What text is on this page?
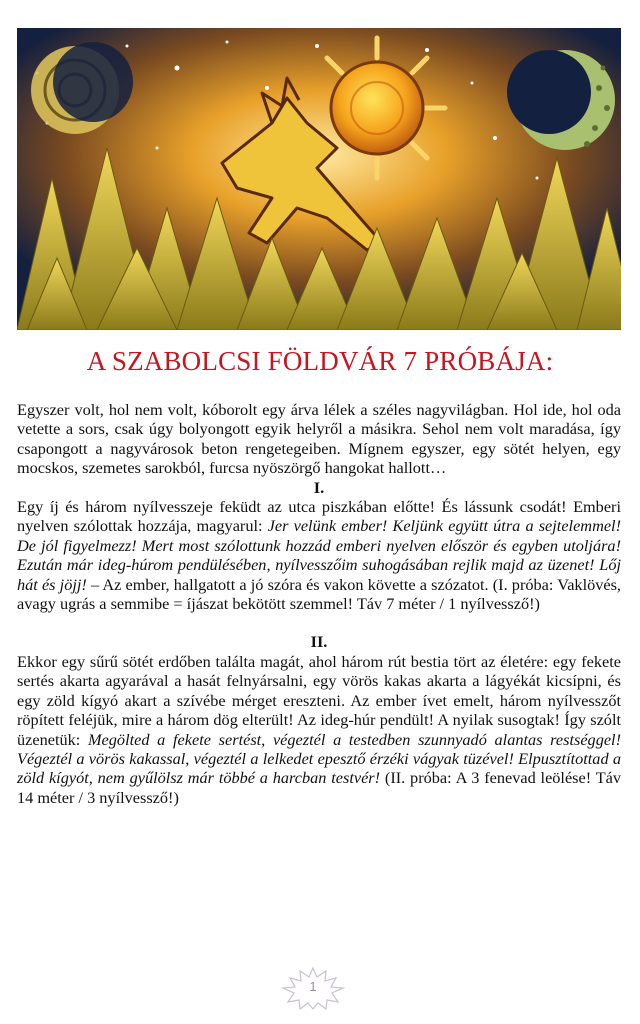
A SZABOLCSI FÖLDVÁR 7 PRÓBÁJA:

Egyszer volt, hol nem volt, kóborolt egy árva lélek a széles nagyvilágban. Hol ide, hol oda vetette a sors, csak úgy bolyongott egyik helyről a másikra. Sehol nem volt maradása, így csapongott a nagyvárosok beton rengetegeiben. Mígnem egyszer, egy sötét helyen, egy mocskos, szemetes sarokból, furcsa nyöszörgő hangokat hallott…

I.

Egy íj és három nyílvesszeje feküdt az utca piszkában előtte! És lássunk csodát! Emberi nyelven szólottak hozzája, magyarul: Jer velünk ember! Keljünk együtt útra a sejtelemmel! De jól figyelmezz! Mert most szólottunk hozzád emberi nyelven először és egyben utoljára! Ezután már ideg-húrom pendülésében, nyílvesszőim suhogásában rejlik majd az üzenet! Lőj hát és jöjj! – Az ember, hallgatott a jó szóra és vakon követte a szózatot. (I. próba: Vaklövés, avagy ugrás a semmibe = íjászat bekötött szemmel! Táv 7 méter / 1 nyílvessző!)

II.

Ekkor egy sűrű sötét erdőben találta magát, ahol három rút bestia tört az életére: egy fekete sertés akarta agyarával a hasát felnyársalni, egy vörös kakas akarta a lágyékát kicsípni, és egy zöld kígyó akart a szívébe mérget ereszteni. Az ember ívet emelt, három nyílvesszőt röpített feléjük, mire a három dög elterült! Az ideg-húr pendült! A nyilak susogtak! Így szólt üzenetük: Megölted a fekete sertést, végeztél a testedben szunnyadó alantas restséggel! Végeztél a vörös kakassal, végeztél a lelkedet epesztő érzéki vágyak tüzével! Elpusztítottad a zöld kígyót, nem gyűlölsz már többé a harcban testvér! (II. próba: A 3 fenevad leölése! Táv 14 méter / 3 nyílvessző!)

1
